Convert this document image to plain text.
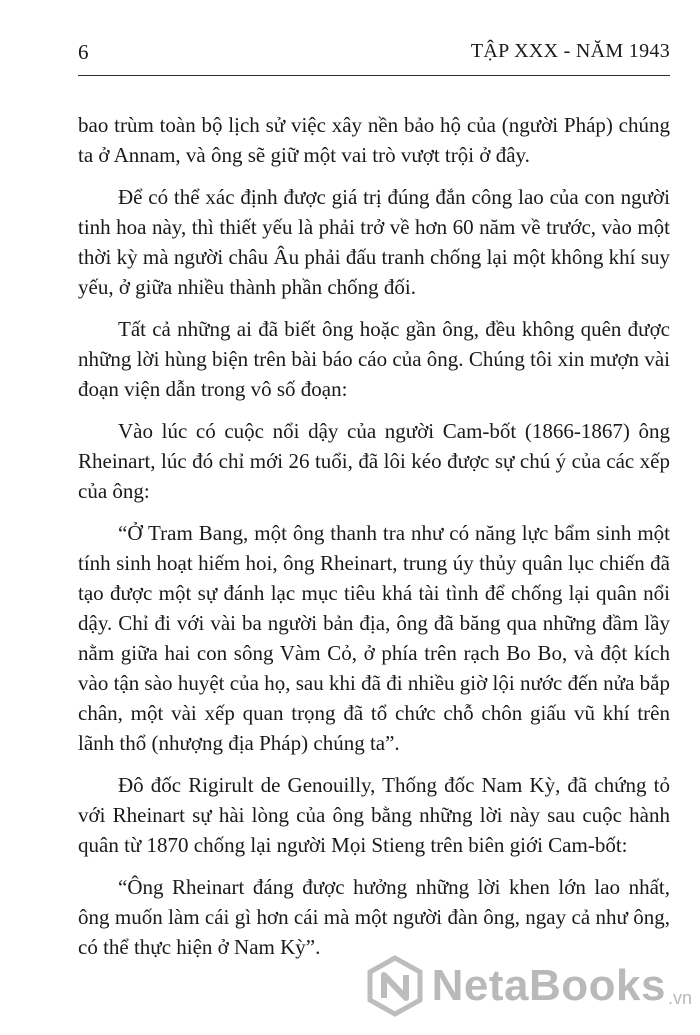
6	TẬP XXX - NĂM 1943

bao trùm toàn bộ lịch sử việc xây nền bảo hộ của (người Pháp) chúng ta ở Annam, và ông sẽ giữ một vai trò vượt trội ở đây.

Để có thể xác định được giá trị đúng đắn công lao của con người tinh hoa này, thì thiết yếu là phải trở về hơn 60 năm về trước, vào một thời kỳ mà người châu Âu phải đấu tranh chống lại một không khí suy yếu, ở giữa nhiều thành phần chống đối.

Tất cả những ai đã biết ông hoặc gần ông, đều không quên được những lời hùng biện trên bài báo cáo của ông. Chúng tôi xin mượn vài đoạn viện dẫn trong vô số đoạn:

Vào lúc có cuộc nổi dậy của người Cam-bốt (1866-1867) ông Rheinart, lúc đó chỉ mới 26 tuổi, đã lôi kéo được sự chú ý của các xếp của ông:

“Ở Tram Bang, một ông thanh tra như có năng lực bẩm sinh một tính sinh hoạt hiếm hoi, ông Rheinart, trung úy thủy quân lục chiến đã tạo được một sự đánh lạc mục tiêu khá tài tình để chống lại quân nổi dậy. Chỉ đi với vài ba người bản địa, ông đã băng qua những đầm lầy nằm giữa hai con sông Vàm Cỏ, ở phía trên rạch Bo Bo, và đột kích vào tận sào huyệt của họ, sau khi đã đi nhiều giờ lội nước đến nửa bắp chân, một vài xếp quan trọng đã tổ chức chỗ chôn giấu vũ khí trên lãnh thổ (nhượng địa Pháp) chúng ta”.

Đô đốc Rigirult de Genouilly, Thống đốc Nam Kỳ, đã chứng tỏ với Rheinart sự hài lòng của ông bằng những lời này sau cuộc hành quân từ 1870 chống lại người Mọi Stieng trên biên giới Cam-bốt:

“Ông Rheinart đáng được hưởng những lời khen lớn lao nhất, ông muốn làm cái gì hơn cái mà một người đàn ông, ngay cả như ông, có thể thực hiện ở Nam Kỳ”.

NetaBooks .vn
